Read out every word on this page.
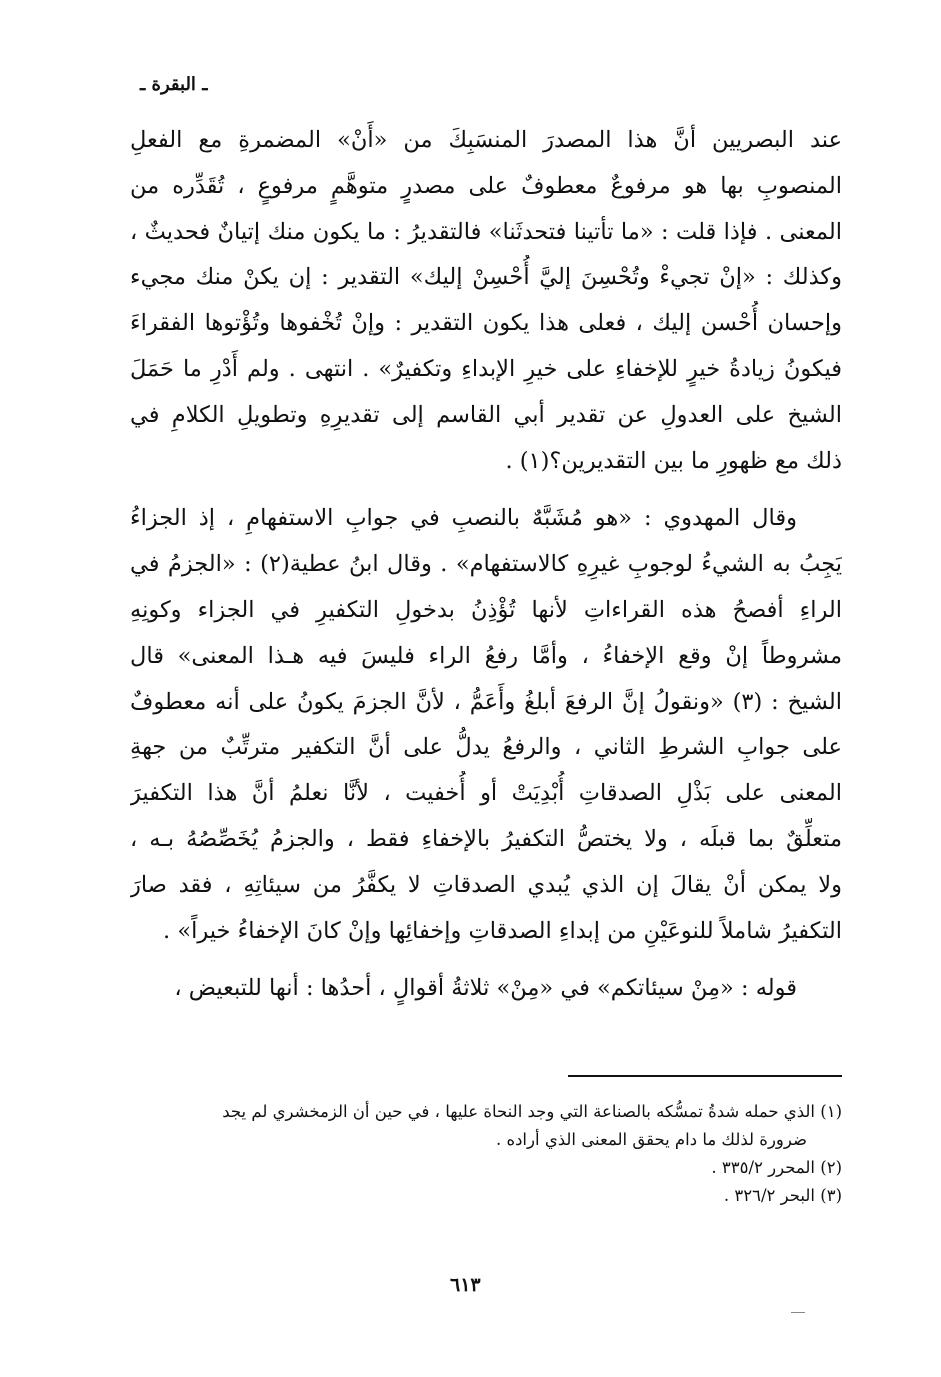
ـ البقرة ـ
عند البصريين أنَّ هذا المصدرَ المنسَبِكَ من «أَنْ» المضمرةِ مع الفعلِ
المنصوبِ بها هو مرفوعٌ معطوفٌ على مصدرٍ متوهَّمٍ مرفوعٍ ، تُقَدِّره من
المعنى . فإذا قلت : «ما تأتينا فتحدثَنا» فالتقديرُ : ما يكون منك إتيانٌ فحديثٌ ،
وكذلك : «إنْ تجيءْ وتُحْسِنَ إليَّ أُحْسِنْ إليك» التقدير : إن يكنْ منك مجيء
وإحسان أُحْسن إليك ، فعلى هذا يكون التقدير : وإنْ تُخْفوها وتُؤْتوها الفقراءَ
فيكونُ زيادةُ خيرٍ للإخفاءِ على خيرِ الإبداءِ وتكفيرٌ» . انتهى . ولم أَدْرِ ما حَمَلَ
الشيخ على العدولِ عن تقدير أبي القاسم إلى تقديرِهِ وتطويلِ الكلامِ في
ذلك مع ظهورِ ما بين التقديرين؟(١) .
وقال المهدوي : «هو مُشَبَّهٌ بالنصبِ في جوابِ الاستفهامِ ، إذ الجزاءُ
يَجِبُ به الشيءُ لوجوبِ غيرِهِ كالاستفهام» . وقال ابنُ عطية(٢) : «الجزمُ في
الراءِ أفصحُ هذه القراءاتِ لأنها تُؤْذِنُ بدخولِ التكفيرِ في الجزاء وكونِهِ
مشروطاً إنْ وقع الإخفاءُ ، وأمَّا رفعُ الراء فليسَ فيه هـذا المعنى» قال
الشيخ : (٣) «ونقولُ إنَّ الرفعَ أبلغُ وأَعَمُّ ، لأنَّ الجزمَ يكونُ على أنه معطوفٌ
على جوابِ الشرطِ الثاني ، والرفعُ يدلُّ على أنَّ التكفير مترتِّبٌ من جهةِ
المعنى على بَذْلِ الصدقاتِ أُبْدِيَتْ أو أُخفيت ، لأنَّا نعلمُ أنَّ هذا التكفيرَ
متعلِّقٌ بما قبلَه ، ولا يختصُّ التكفيرُ بالإخفاءِ فقط ، والجزمُ يُخَصِّصُهُ بـه ،
ولا يمكن أنْ يقالَ إن الذي يُبدي الصدقاتِ لا يكفَّرُ من سيئاتِهِ ، فقد صارَ
التكفيرُ شاملاً للنوعَيْنِ من إبداءِ الصدقاتِ وإخفائِها وإنْ كانَ الإخفاءُ خيراً» .
قوله : «مِنْ سيئاتكم» في «مِنْ» ثلاثةُ أقوالٍ ، أحدُها : أنها للتبعيض ،
(١) الذي حمله شدةُ تمسُّكه بالصناعة التي وجد النحاة عليها ، في حين أن الزمخشري لم يجد
ضرورة لذلك ما دام يحقق المعنى الذي أراده .
(٢) المحرر ٣٣٥/٢ .
(٣) البحر ٣٢٦/٢ .
٦١٣
